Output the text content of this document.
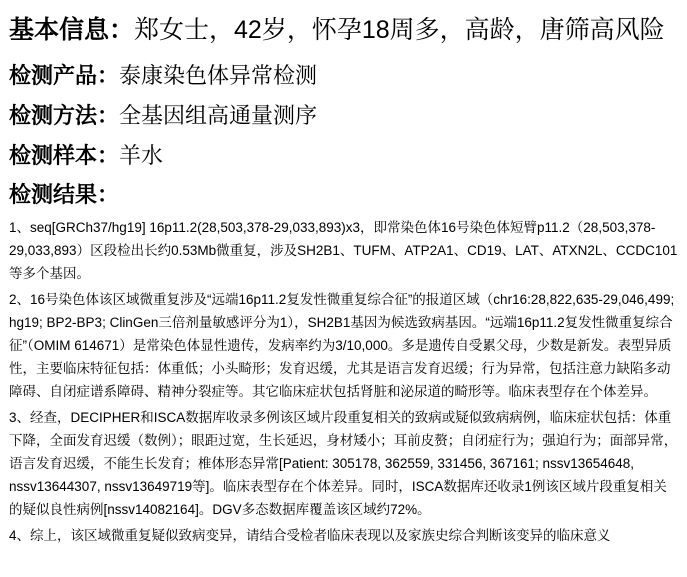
基本信息：郑女士，42岁，怀孕18周多，高龄，唐筛高风险
检测产品：泰康染色体异常检测
检测方法：全基因组高通量测序
检测样本：羊水
检测结果：

1、seq[GRCh37/hg19] 16p11.2(28,503,378-29,033,893)x3，即常染色体16号染色体短臂p11.2（28,503,378-29,033,893）区段检出长约0.53Mb微重复，涉及SH2B1、TUFM、ATP2A1、CD19、LAT、ATXN2L、CCDC101等多个基因。

2、16号染色体该区域微重复涉及“远端16p11.2复发性微重复综合征”的报道区域（chr16:28,822,635-29,046,499; hg19; BP2-BP3; ClinGen三倍剂量敏感评分为1），SH2B1基因为候选致病基因。“远端16p11.2复发性微重复综合征”（OMIM 614671）是常染色体显性遗传，发病率约为3/10,000。多是遗传自受累父母，少数是新发。表型异质性，主要临床特征包括：体重低；小头畸形；发育迟缓，尤其是语言发育迟缓；行为异常，包括注意力缺陷多动障碍、自闭症谱系障碍、精神分裂症等。其它临床症状包括肾脏和泌尿道的畸形等。临床表型存在个体差异。

3、经查，DECIPHER和ISCA数据库收录多例该区域片段重复相关的致病或疑似致病病例，临床症状包括：体重下降，全面发育迟缓（数例）；眼距过宽，生长延迟，身材矮小；耳前皮赘；自闭症行为；强迫行为；面部异常，语言发育迟缓，不能生长发育；椎体形态异常[Patient: 305178, 362559, 331456, 367161; nssv13654648, nssv13644307, nssv13649719等]。临床表型存在个体差异。同时，ISCA数据库还收录1例该区域片段重复相关的疑似良性病例[nssv14082164]。DGV多态数据库覆盖该区域约72%。

4、综上，该区域微重复疑似致病变异，请结合受检者临床表现以及家族史综合判断该变异的临床意义
